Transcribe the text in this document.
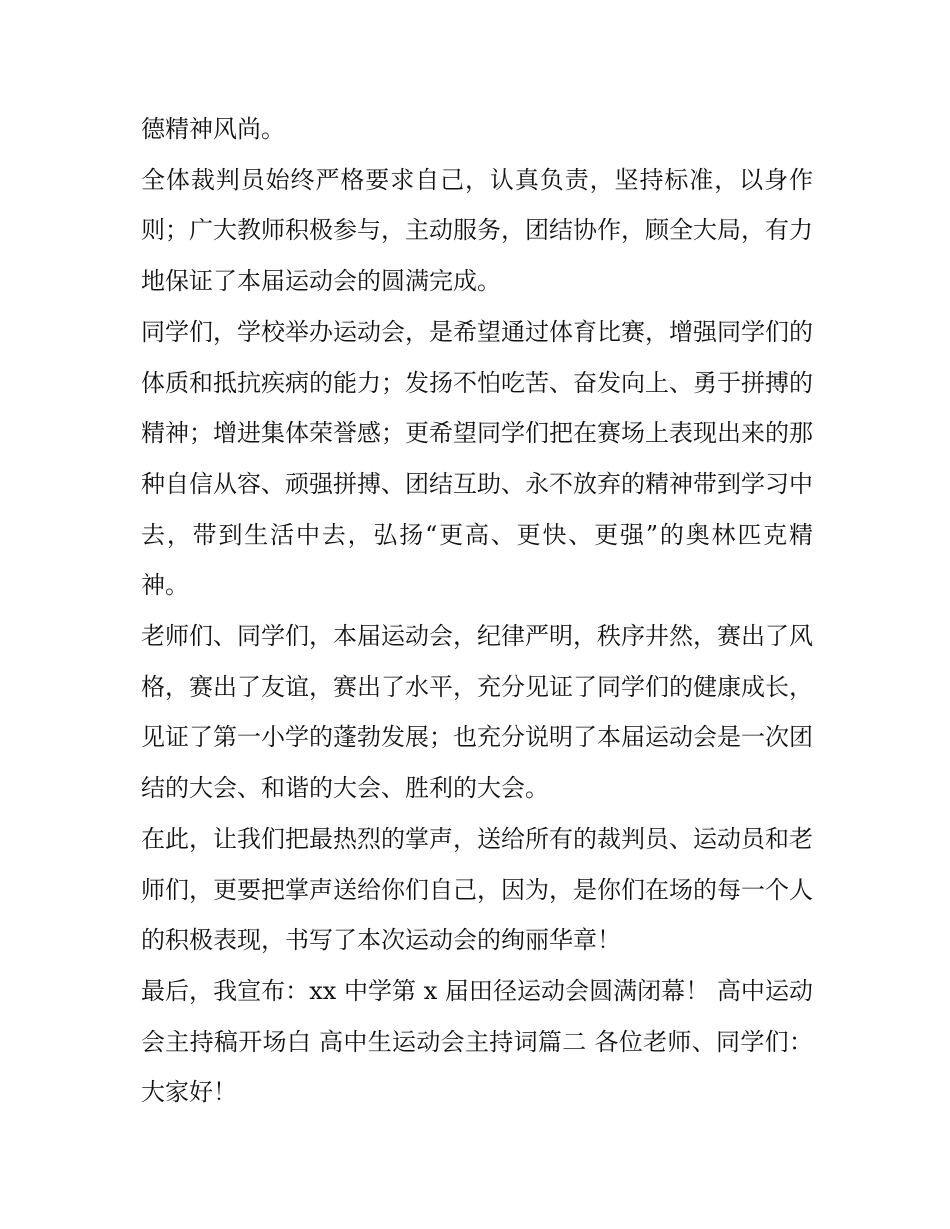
德精神风尚。

全体裁判员始终严格要求自己，认真负责，坚持标准，以身作则；广大教师积极参与，主动服务，团结协作，顾全大局，有力地保证了本届运动会的圆满完成。

同学们，学校举办运动会，是希望通过体育比赛，增强同学们的体质和抵抗疾病的能力；发扬不怕吃苦、奋发向上、勇于拼搏的精神；增进集体荣誉感；更希望同学们把在赛场上表现出来的那种自信从容、顽强拼搏、团结互助、永不放弃的精神带到学习中去，带到生活中去，弘扬“更高、更快、更强”的奥林匹克精神。

老师们、同学们，本届运动会，纪律严明，秩序井然，赛出了风格，赛出了友谊，赛出了水平，充分见证了同学们的健康成长，见证了第一小学的蓬勃发展；也充分说明了本届运动会是一次团结的大会、和谐的大会、胜利的大会。

在此，让我们把最热烈的掌声，送给所有的裁判员、运动员和老师们，更要把掌声送给你们自己，因为，是你们在场的每一个人的积极表现，书写了本次运动会的绚丽华章！

最后，我宣布：xx 中学第 x 届田径运动会圆满闭幕！ 高中运动会主持稿开场白 高中生运动会主持词篇二 各位老师、同学们： 大家好！
